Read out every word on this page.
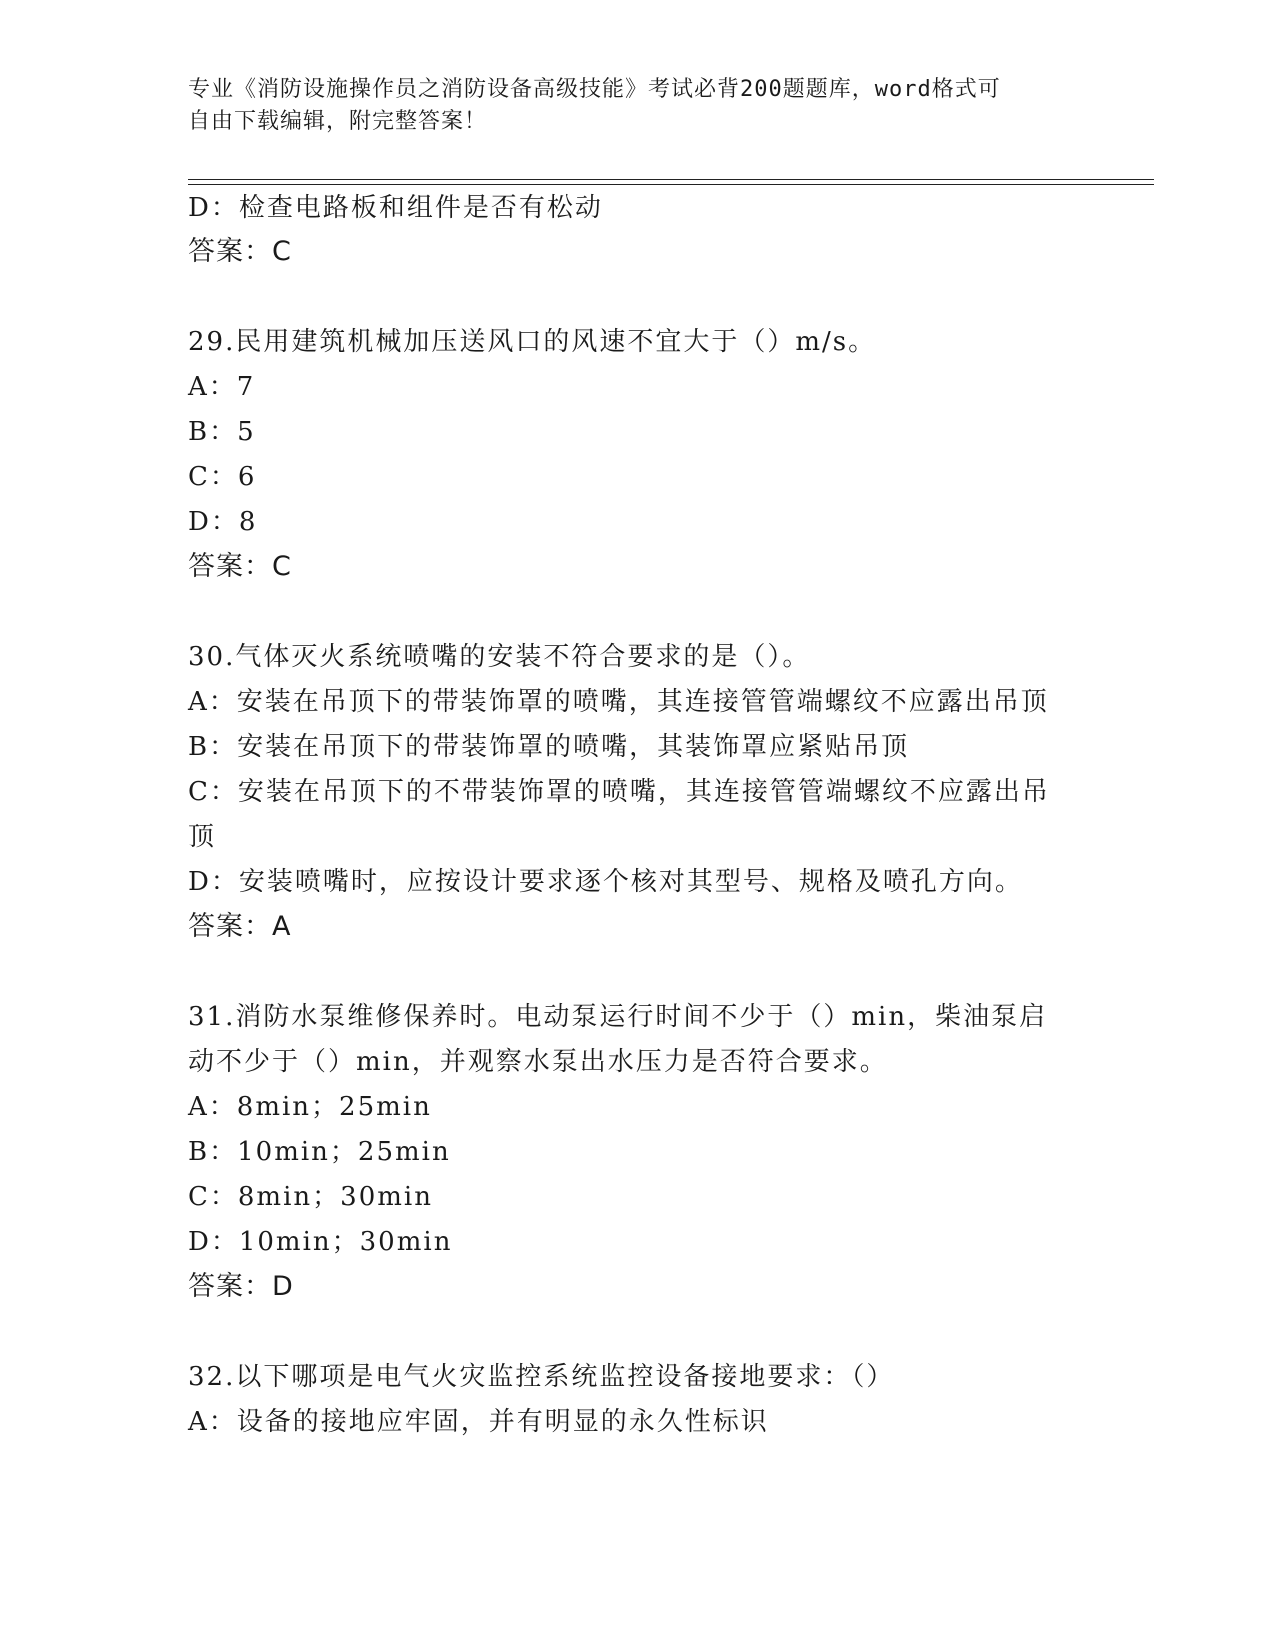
专业《消防设施操作员之消防设备高级技能》考试必背200题题库，word格式可
自由下载编辑，附完整答案！
D：检查电路板和组件是否有松动
答案：C
29.民用建筑机械加压送风口的风速不宜大于（）m/s。
A：7
B：5
C：6
D：8
答案：C
30.气体灭火系统喷嘴的安装不符合要求的是（）。
A：安装在吊顶下的带装饰罩的喷嘴，其连接管管端螺纹不应露出吊顶
B：安装在吊顶下的带装饰罩的喷嘴，其装饰罩应紧贴吊顶
C：安装在吊顶下的不带装饰罩的喷嘴，其连接管管端螺纹不应露出吊
顶
D：安装喷嘴时，应按设计要求逐个核对其型号、规格及喷孔方向。
答案：A
31.消防水泵维修保养时。电动泵运行时间不少于（）min，柴油泵启
动不少于（）min，并观察水泵出水压力是否符合要求。
A：8min；25min
B：10min；25min
C：8min；30min
D：10min；30min
答案：D
32.以下哪项是电气火灾监控系统监控设备接地要求：（）
A：设备的接地应牢固，并有明显的永久性标识
